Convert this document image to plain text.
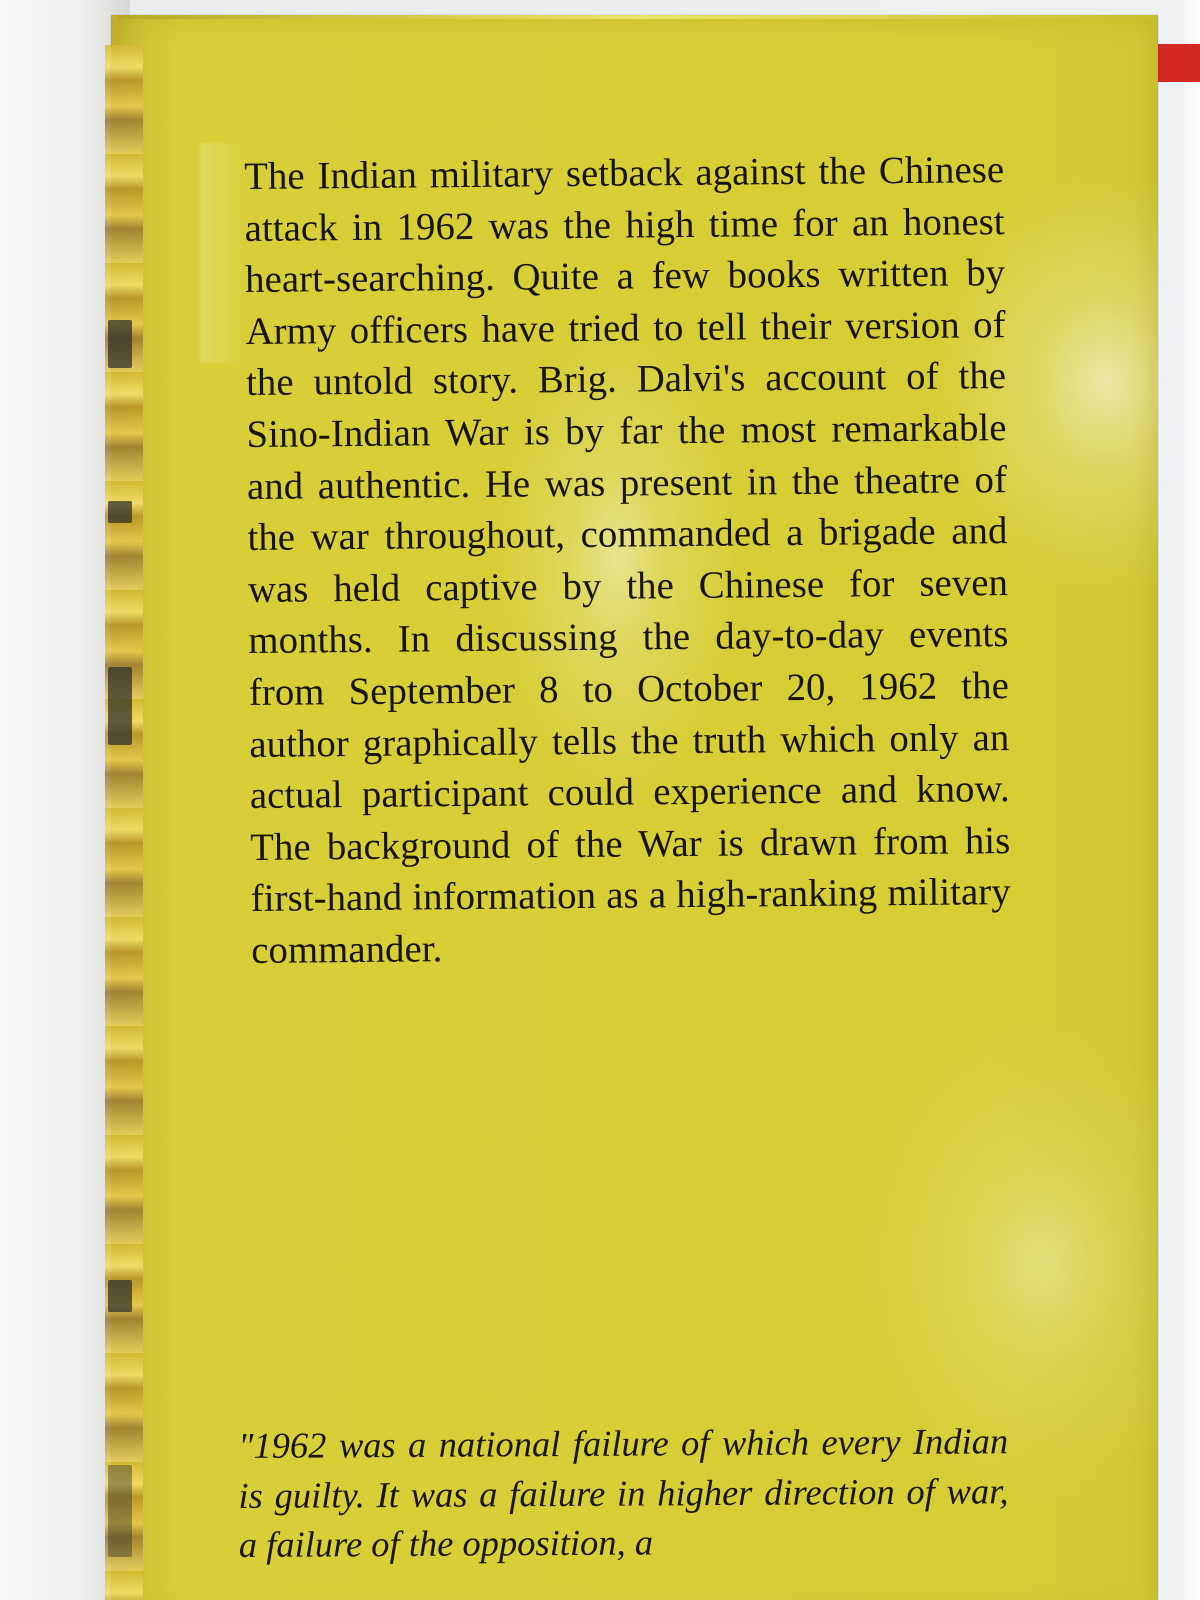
The Indian military setback against the Chinese attack in 1962 was the high time for an honest heart-searching. Quite a few books written by Army officers have tried to tell their version of the untold story. Brig. Dalvi's account of the Sino-Indian War is by far the most remarkable and authentic. He was present in the theatre of the war throughout, commanded a brigade and was held captive by the Chinese for seven months. In discussing the day-to-day events from September 8 to October 20, 1962 the author graphically tells the truth which only an actual participant could experience and know. The background of the War is drawn from his first-hand information as a high-ranking military commander.

"1962 was a national failure of which every Indian is guilty. It was a failure in higher direction of war, a failure of the opposition, a
